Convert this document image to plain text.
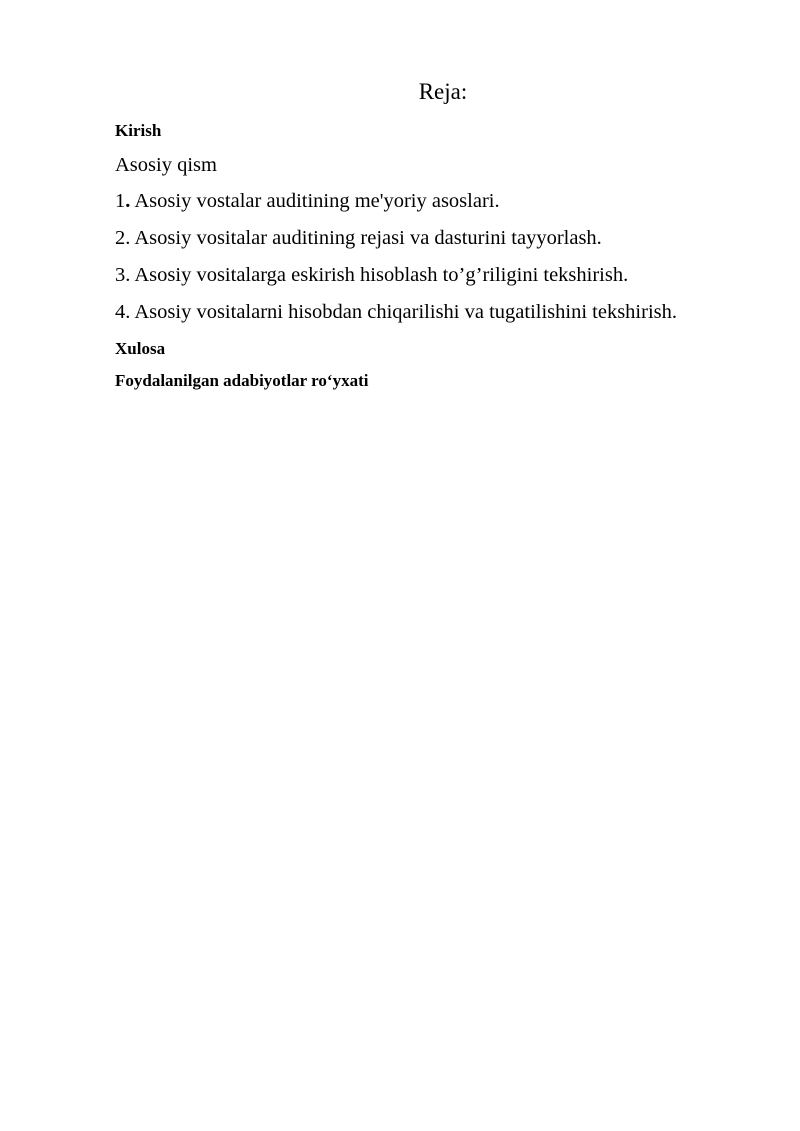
Reja:

Kirish

Asosiy qism

1. Asosiy vostalar auditining me'yoriy asoslari.

2. Asosiy vositalar auditining rejasi va dasturini tayyorlash.

3. Asosiy vositalarga eskirish hisoblash to’g’riligini tekshirish.

4. Asosiy vositalarni hisobdan chiqarilishi va tugatilishini tekshirish.

Xulosa

Foydalanilgan adabiyotlar ro‘yxati
